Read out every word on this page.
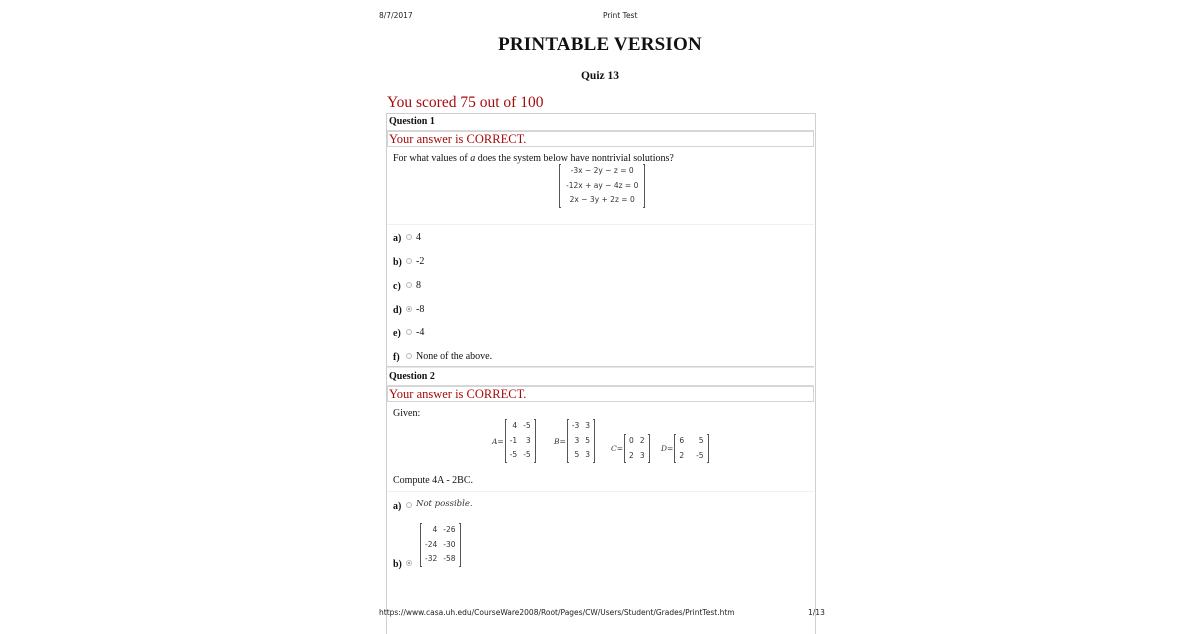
8/7/2017	Print Test
PRINTABLE VERSION
Quiz 13
You scored 75 out of 100
Question 1
Your answer is CORRECT.
For what values of a does the system below have nontrivial solutions?
-3x − 2y − z = 0
-12x + ay − 4z = 0
2x − 3y + 2z = 0
a)	4
b)	-2
c)	8
d)	-8
e)	-4
f)	None of the above.
Question 2
Your answer is CORRECT.
Given:
A=
4 -5
-1	3
-5 -5
B=
-3 3
3 5
5 3
C=
0 2
2 3
D=
6	5
2	-5
Compute 4A - 2BC.
a)	Not possible.
b)
4 -26
-24 -30
-32 -58
https://www.casa.uh.edu/CourseWare2008/Root/Pages/CW/Users/Student/Grades/PrintTest.htm	1/13
